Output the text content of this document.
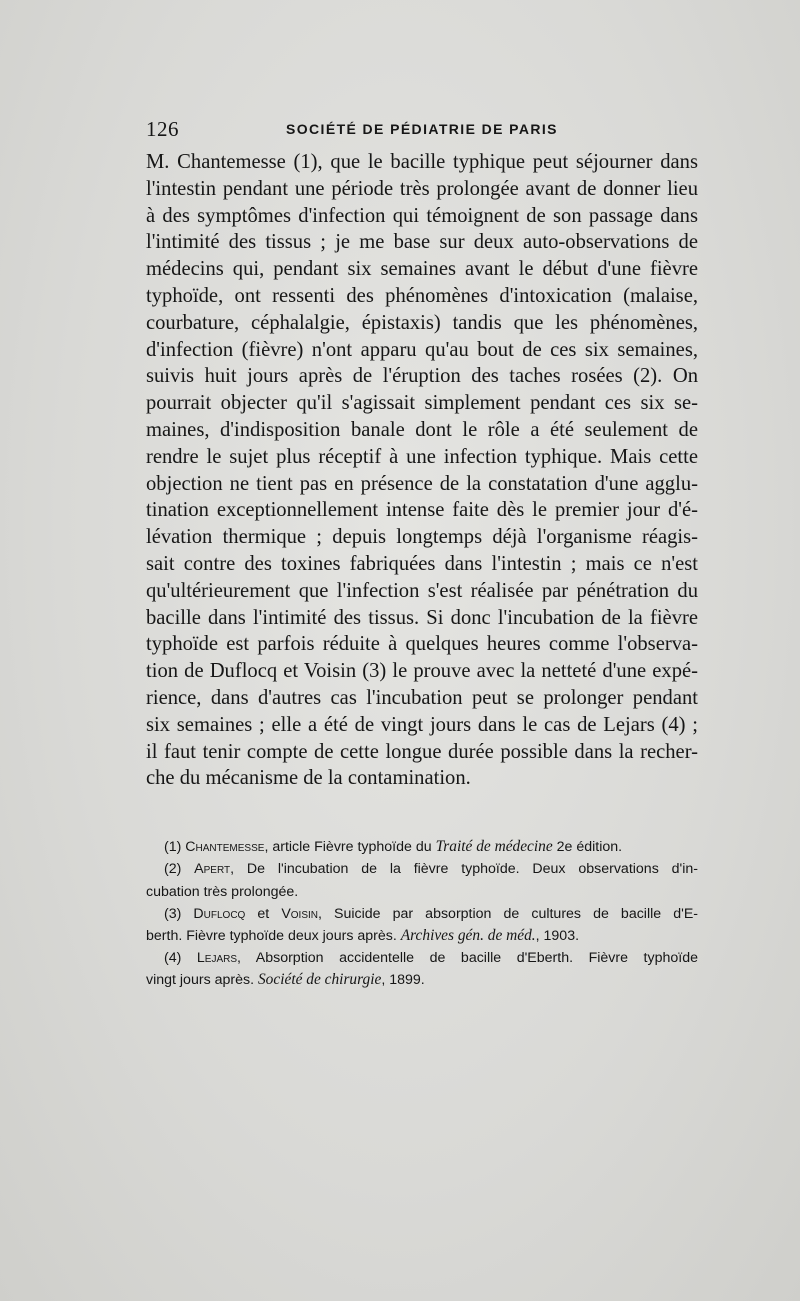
126	SOCIÉTÉ DE PÉDIATRIE DE PARIS

M. Chantemesse (1), que le bacille typhique peut séjourner dans
l'intestin pendant une période très prolongée avant de donner lieu
à des symptômes d'infection qui témoignent de son passage dans
l'intimité des tissus ; je me base sur deux auto-observations de
médecins qui, pendant six semaines avant le début d'une fièvre
typhoïde, ont ressenti des phénomènes d'intoxication (malaise,
courbature, céphalalgie, épistaxis) tandis que les phénomènes,
d'infection (fièvre) n'ont apparu qu'au bout de ces six semaines,
suivis huit jours après de l'éruption des taches rosées (2). On
pourrait objecter qu'il s'agissait simplement pendant ces six se-
maines, d'indisposition banale dont le rôle a été seulement de
rendre le sujet plus réceptif à une infection typhique. Mais cette
objection ne tient pas en présence de la constatation d'une agglu-
tination exceptionnellement intense faite dès le premier jour d'é-
lévation thermique ; depuis longtemps déjà l'organisme réagis-
sait contre des toxines fabriquées dans l'intestin ; mais ce n'est
qu'ultérieurement que l'infection s'est réalisée par pénétration du
bacille dans l'intimité des tissus. Si donc l'incubation de la fièvre
typhoïde est parfois réduite à quelques heures comme l'observa-
tion de Duflocq et Voisin (3) le prouve avec la netteté d'une expé-
rience, dans d'autres cas l'incubation peut se prolonger pendant
six semaines ; elle a été de vingt jours dans le cas de Lejars (4) ;
il faut tenir compte de cette longue durée possible dans la recher-
che du mécanisme de la contamination.

(1) Chantemesse, article Fièvre typhoïde du Traité de médecine 2e édition.

(2) Apert, De l'incubation de la fièvre typhoïde. Deux observations d'in-
cubation très prolongée.

(3) Duflocq et Voisin, Suicide par absorption de cultures de bacille d'E-
berth. Fièvre typhoïde deux jours après. Archives gén. de méd., 1903.

(4) Lejars, Absorption accidentelle de bacille d'Eberth. Fièvre typhoïde
vingt jours après. Société de chirurgie, 1899.
